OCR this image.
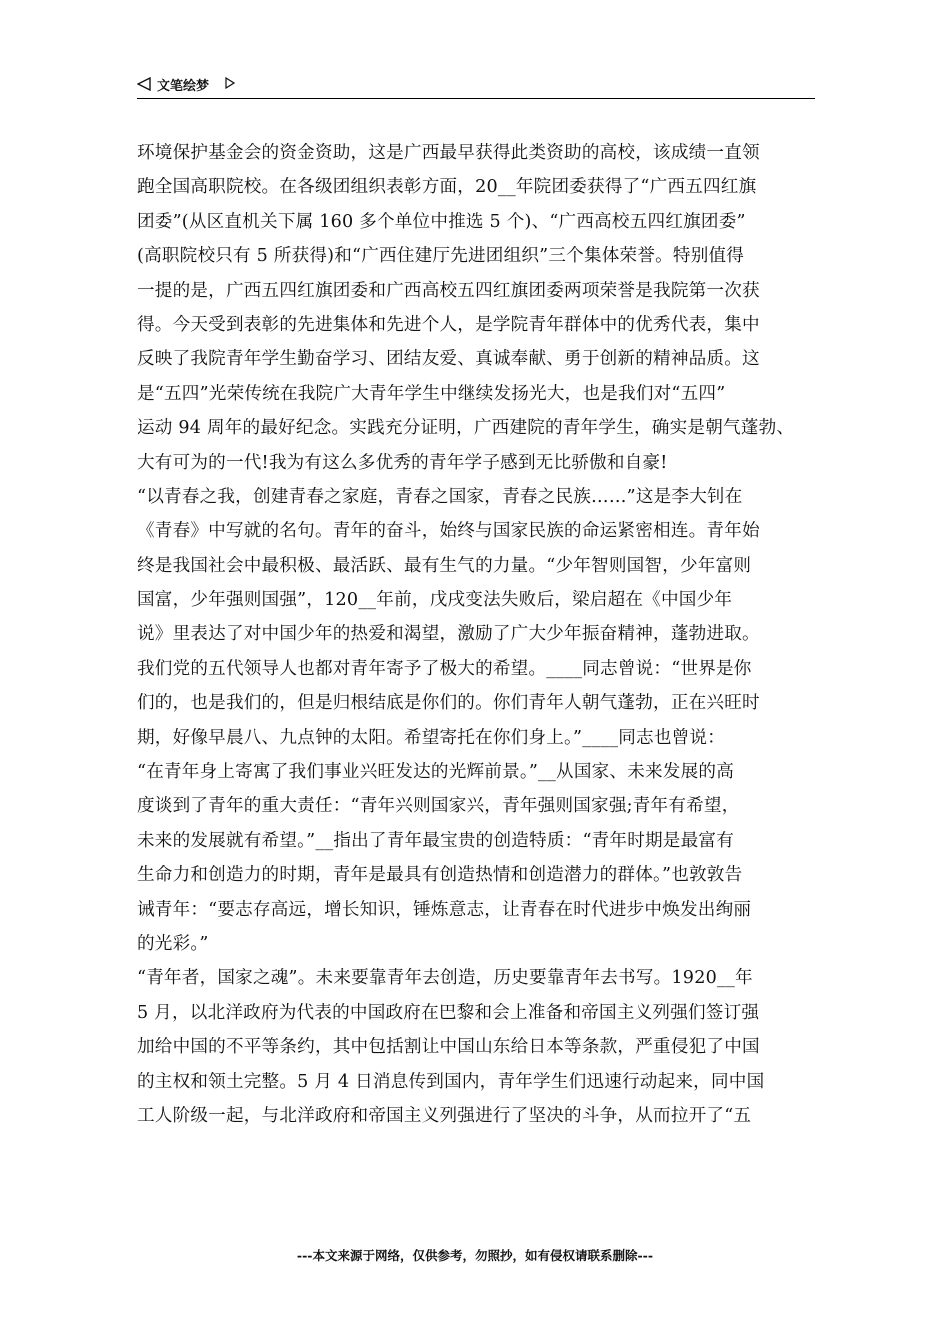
文笔绘梦
环境保护基金会的资金资助，这是广西最早获得此类资助的高校，该成绩一直领
跑全国高职院校。在各级团组织表彰方面，20__年院团委获得了“广西五四红旗
团委”(从区直机关下属 160 多个单位中推选 5 个)、“广西高校五四红旗团委”
(高职院校只有 5 所获得)和“广西住建厅先进团组织”三个集体荣誉。特别值得
一提的是，广西五四红旗团委和广西高校五四红旗团委两项荣誉是我院第一次获
得。今天受到表彰的先进集体和先进个人，是学院青年群体中的优秀代表，集中
反映了我院青年学生勤奋学习、团结友爱、真诚奉献、勇于创新的精神品质。这
是“五四”光荣传统在我院广大青年学生中继续发扬光大，也是我们对“五四”
运动 94 周年的最好纪念。实践充分证明，广西建院的青年学生，确实是朝气蓬勃、
大有可为的一代!我为有这么多优秀的青年学子感到无比骄傲和自豪!
“以青春之我，创建青春之家庭，青春之国家，青春之民族……”这是李大钊在
《青春》中写就的名句。青年的奋斗，始终与国家民族的命运紧密相连。青年始
终是我国社会中最积极、最活跃、最有生气的力量。“少年智则国智，少年富则
国富，少年强则国强”，120__年前，戊戌变法失败后，梁启超在《中国少年
说》里表达了对中国少年的热爱和渴望，激励了广大少年振奋精神，蓬勃进取。
我们党的五代领导人也都对青年寄予了极大的希望。____同志曾说：“世界是你
们的，也是我们的，但是归根结底是你们的。你们青年人朝气蓬勃，正在兴旺时
期，好像早晨八、九点钟的太阳。希望寄托在你们身上。”____同志也曾说：
“在青年身上寄寓了我们事业兴旺发达的光辉前景。”__从国家、未来发展的高
度谈到了青年的重大责任：“青年兴则国家兴，青年强则国家强;青年有希望，
未来的发展就有希望。”__指出了青年最宝贵的创造特质：“青年时期是最富有
生命力和创造力的时期，青年是最具有创造热情和创造潜力的群体。”也敦敦告
诫青年：“要志存高远，增长知识，锤炼意志，让青春在时代进步中焕发出绚丽
的光彩。”
“青年者，国家之魂”。未来要靠青年去创造，历史要靠青年去书写。1920__年
5 月，以北洋政府为代表的中国政府在巴黎和会上准备和帝国主义列强们签订强
加给中国的不平等条约，其中包括割让中国山东给日本等条款，严重侵犯了中国
的主权和领土完整。5 月 4 日消息传到国内，青年学生们迅速行动起来，同中国
工人阶级一起，与北洋政府和帝国主义列强进行了坚决的斗争，从而拉开了“五
---本文来源于网络，仅供参考，勿照抄，如有侵权请联系删除---
